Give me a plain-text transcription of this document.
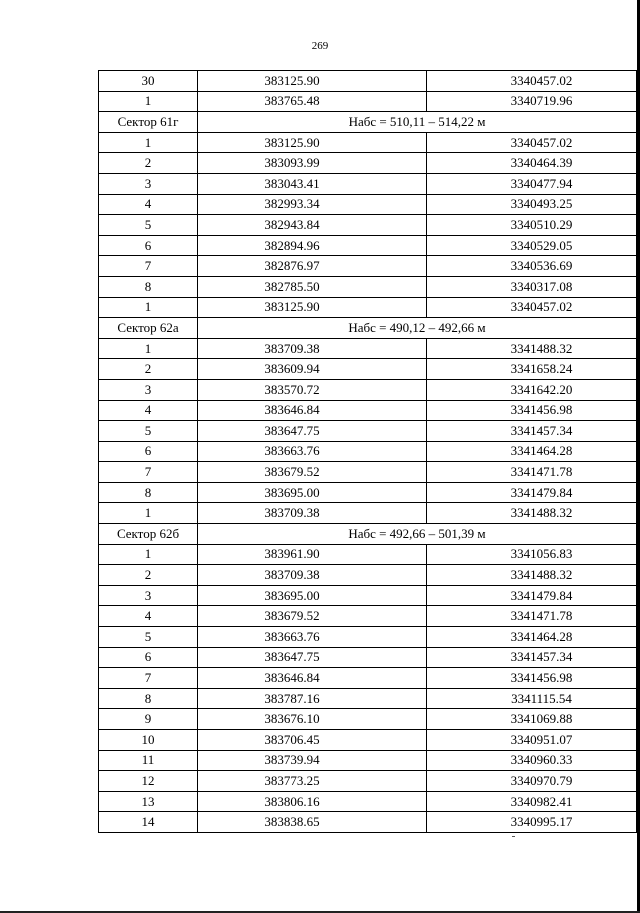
269
30	383125.90	3340457.02
1	383765.48	3340719.96
Сектор 61г	Набс = 510,11 – 514,22 м	
1	383125.90	3340457.02
2	383093.99	3340464.39
3	383043.41	3340477.94
4	382993.34	3340493.25
5	382943.84	3340510.29
6	382894.96	3340529.05
7	382876.97	3340536.69
8	382785.50	3340317.08
1	383125.90	3340457.02
Сектор 62а	Набс = 490,12 – 492,66 м	
1	383709.38	3341488.32
2	383609.94	3341658.24
3	383570.72	3341642.20
4	383646.84	3341456.98
5	383647.75	3341457.34
6	383663.76	3341464.28
7	383679.52	3341471.78
8	383695.00	3341479.84
1	383709.38	3341488.32
Сектор 62б	Набс = 492,66 – 501,39 м	
1	383961.90	3341056.83
2	383709.38	3341488.32
3	383695.00	3341479.84
4	383679.52	3341471.78
5	383663.76	3341464.28
6	383647.75	3341457.34
7	383646.84	3341456.98
8	383787.16	3341115.54
9	383676.10	3341069.88
10	383706.45	3340951.07
11	383739.94	3340960.33
12	383773.25	3340970.79
13	383806.16	3340982.41
14	383838.65	3340995.17
